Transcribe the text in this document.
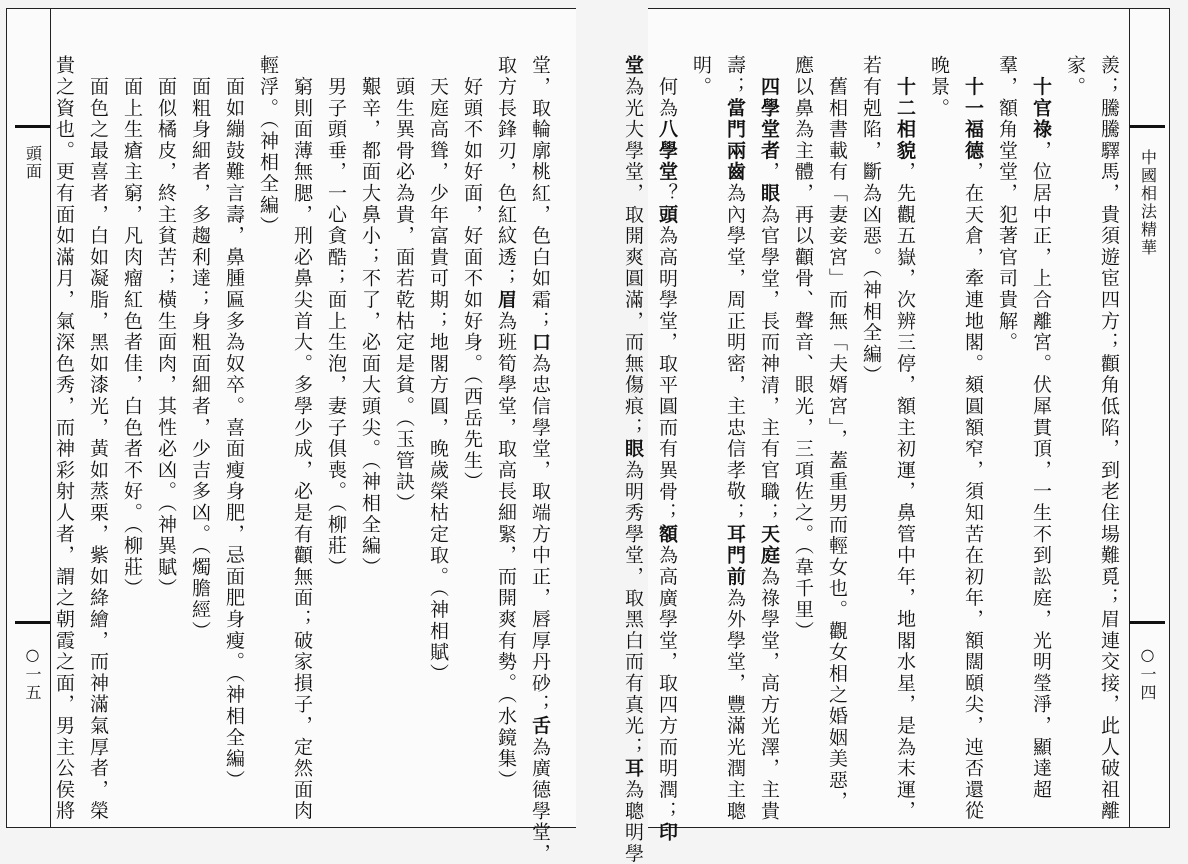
頭面
○一五

堂，取輪廓桃紅，色白如霜；口為忠信學堂，取端方中正，唇厚丹砂；舌為廣德學堂，

取方長鋒刃，色紅紋透；眉為班筍學堂，取高長細緊，而開爽有勢。（水鏡集）

　好頭不如好面，好面不如好身。（西岳先生）

　天庭高聳，少年富貴可期；地閣方圓，晚歲榮枯定取。（神相賦）

　頭生異骨必為貴，面若乾枯定是貧。（玉管訣）

　艱辛，都面大鼻小；不了，必面大頭尖。（神相全編）

　男子頭垂，一心貪酷；面上生泡，妻子俱喪。（柳莊）

　窮則面薄無腮，刑必鼻尖首大。多學少成，必是有顴無面；破家損子，定然面肉

輕浮。（神相全編）

　面如繃鼓難言壽，鼻腫匾多為奴卒。喜面瘦身肥，忌面肥身瘦。（神相全編）

　面粗身細者，多趨利達；身粗面細者，少吉多凶。（燭膽經）

　面似橘皮，終主貧苦；橫生面肉，其性必凶。（神異賦）

　面上生瘡主窮，凡肉瘤紅色者佳，白色者不好。（柳莊）

　面色之最喜者，白如凝脂，黑如漆光，黃如蒸栗，紫如絳繪，而神滿氣厚者，榮

貴之資也。更有面如滿月，氣深色秀，而神彩射人者，謂之朝霞之面，男主公侯將	中國相法精華
○一四

羨；騰騰驛馬，貴須遊宦四方；顴角低陷，到老住場難覓；眉連交接，此人破祖離

家。

　十官祿，位居中正，上合離宮。伏犀貫頂，一生不到訟庭，光明瑩淨，顯達超

羣，額角堂堂，犯著官司貴解。

　十一福德，在天倉，牽連地閣。頦圓額窄，須知苦在初年，額闊頤尖，迍否還從

晚景。

　十二相貌，先觀五嶽，次辨三停，額主初運，鼻管中年，地閣水星，是為末運，

若有剋陷，斷為凶惡。（神相全編）

　舊相書載有「妻妾宮」而無「夫婿宮」，蓋重男而輕女也。觀女相之婚姻美惡，

應以鼻為主體，再以顴骨、聲音、眼光，三項佐之。（韋千里）

　四學堂者，眼為官學堂，長而神清，主有官職；天庭為祿學堂，高方光澤，主貴

壽；當門兩齒為內學堂，周正明密，主忠信孝敬；耳門前為外學堂，豐滿光潤主聰

明。

　何為八學堂？頭為高明學堂，取平圓而有異骨；額為高廣學堂，取四方而明潤；印

堂為光大學堂，取開爽圓滿，而無傷痕；眼為明秀學堂，取黑白而有真光；耳為聰明學
